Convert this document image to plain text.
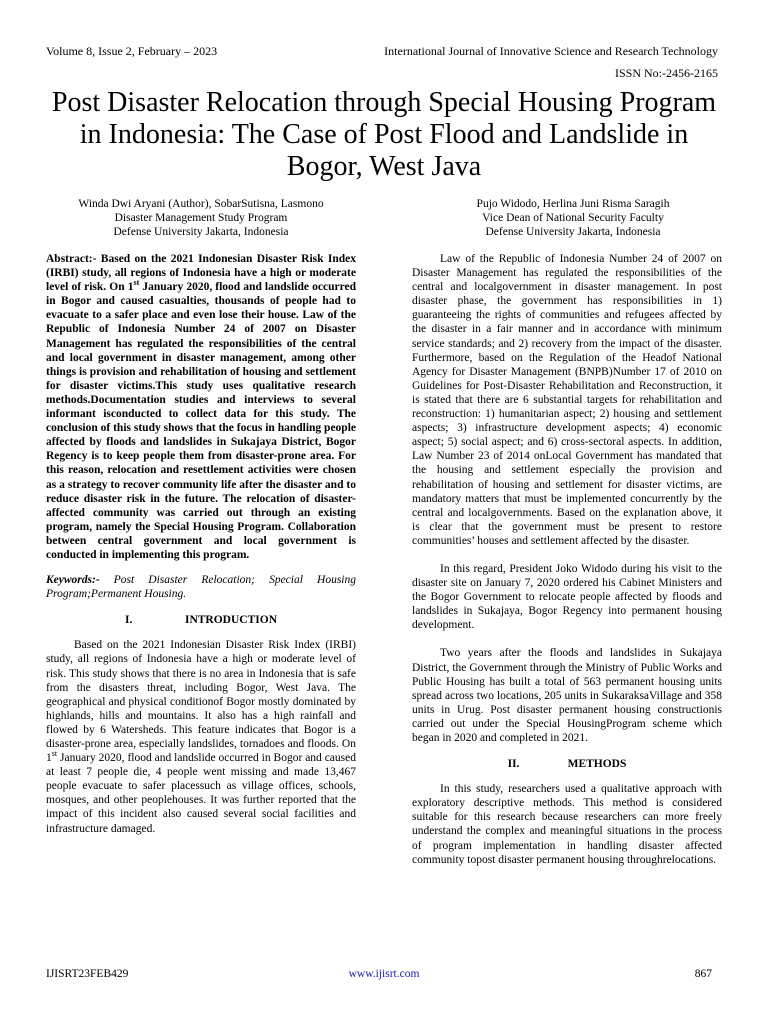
Volume 8, Issue 2, February – 2023	International Journal of Innovative Science and Research Technology
ISSN No:-2456-2165
Post Disaster Relocation through Special Housing Program in Indonesia: The Case of Post Flood and Landslide in Bogor, West Java
Winda Dwi Aryani (Author), SobarSutisna, Lasmono
Disaster Management Study Program
Defense University Jakarta, Indonesia
Pujo Widodo, Herlina Juni Risma Saragih
Vice Dean of National Security Faculty
Defense University Jakarta, Indonesia

Abstract:- Based on the 2021 Indonesian Disaster Risk Index (IRBI) study, all regions of Indonesia have a high or moderate level of risk. On 1st January 2020, flood and landslide occurred in Bogor and caused casualties, thousands of people had to evacuate to a safer place and even lose their house. Law of the Republic of Indonesia Number 24 of 2007 on Disaster Management has regulated the responsibilities of the central and local government in disaster management, among other things is provision and rehabilitation of housing and settlement for disaster victims.This study uses qualitative research methods.Documentation studies and interviews to several informant isconducted to collect data for this study. The conclusion of this study shows that the focus in handling people affected by floods and landslides in Sukajaya District, Bogor Regency is to keep people them from disaster-prone area. For this reason, relocation and resettlement activities were chosen as a strategy to recover community life after the disaster and to reduce disaster risk in the future. The relocation of disaster-affected community was carried out through an existing program, namely the Special Housing Program. Collaboration between central government and local government is conducted in implementing this program.

Keywords:- Post Disaster Relocation; Special Housing Program;Permanent Housing.

I.	INTRODUCTION

Based on the 2021 Indonesian Disaster Risk Index (IRBI) study, all regions of Indonesia have a high or moderate level of risk. This study shows that there is no area in Indonesia that is safe from the disasters threat, including Bogor, West Java. The geographical and physical conditionof Bogor mostly dominated by highlands, hills and mountains. It also has a high rainfall and flowed by 6 Watersheds. This feature indicates that Bogor is a disaster-prone area, especially landslides, tornadoes and floods. On 1st January 2020, flood and landslide occurred in Bogor and caused at least 7 people die, 4 people went missing and made 13,467 people evacuate to safer placessuch as village offices, schools, mosques, and other peoplehouses. It was further reported that the impact of this incident also caused several social facilities and infrastructure damaged.

Law of the Republic of Indonesia Number 24 of 2007 on Disaster Management has regulated the responsibilities of the central and localgovernment in disaster management. In post disaster phase, the government has responsibilities in 1) guaranteeing the rights of communities and refugees affected by the disaster in a fair manner and in accordance with minimum service standards; and 2) recovery from the impact of the disaster. Furthermore, based on the Regulation of the Headof National Agency for Disaster Management (BNPB)Number 17 of 2010 on Guidelines for Post-Disaster Rehabilitation and Reconstruction, it is stated that there are 6 substantial targets for rehabilitation and reconstruction: 1) humanitarian aspect; 2) housing and settlement aspects; 3) infrastructure development aspects; 4) economic aspect; 5) social aspect; and 6) cross-sectoral aspects. In addition, Law Number 23 of 2014 onLocal Government has mandated that the housing and settlement especially the provision and rehabilitation of housing and settlement for disaster victims, are mandatory matters that must be implemented concurrently by the central and localgovernments. Based on the explanation above, it is clear that the government must be present to restore communities’ houses and settlement affected by the disaster.

In this regard, President Joko Widodo during his visit to the disaster site on January 7, 2020 ordered his Cabinet Ministers and the Bogor Government to relocate people affected by floods and landslides in Sukajaya, Bogor Regency into permanent housing development.

Two years after the floods and landslides in Sukajaya District, the Government through the Ministry of Public Works and Public Housing has built a total of 563 permanent housing units spread across two locations, 205 units in SukaraksaVillage and 358 units in Urug. Post disaster permanent housing constructionis carried out under the Special HousingProgram scheme which began in 2020 and completed in 2021.

II.	METHODS

In this study, researchers used a qualitative approach with exploratory descriptive methods. This method is considered suitable for this research because researchers can more freely understand the complex and meaningful situations in the process of program implementation in handling disaster affected community topost disaster permanent housing throughrelocations.

IJISRT23FEB429	www.ijisrt.com	867
